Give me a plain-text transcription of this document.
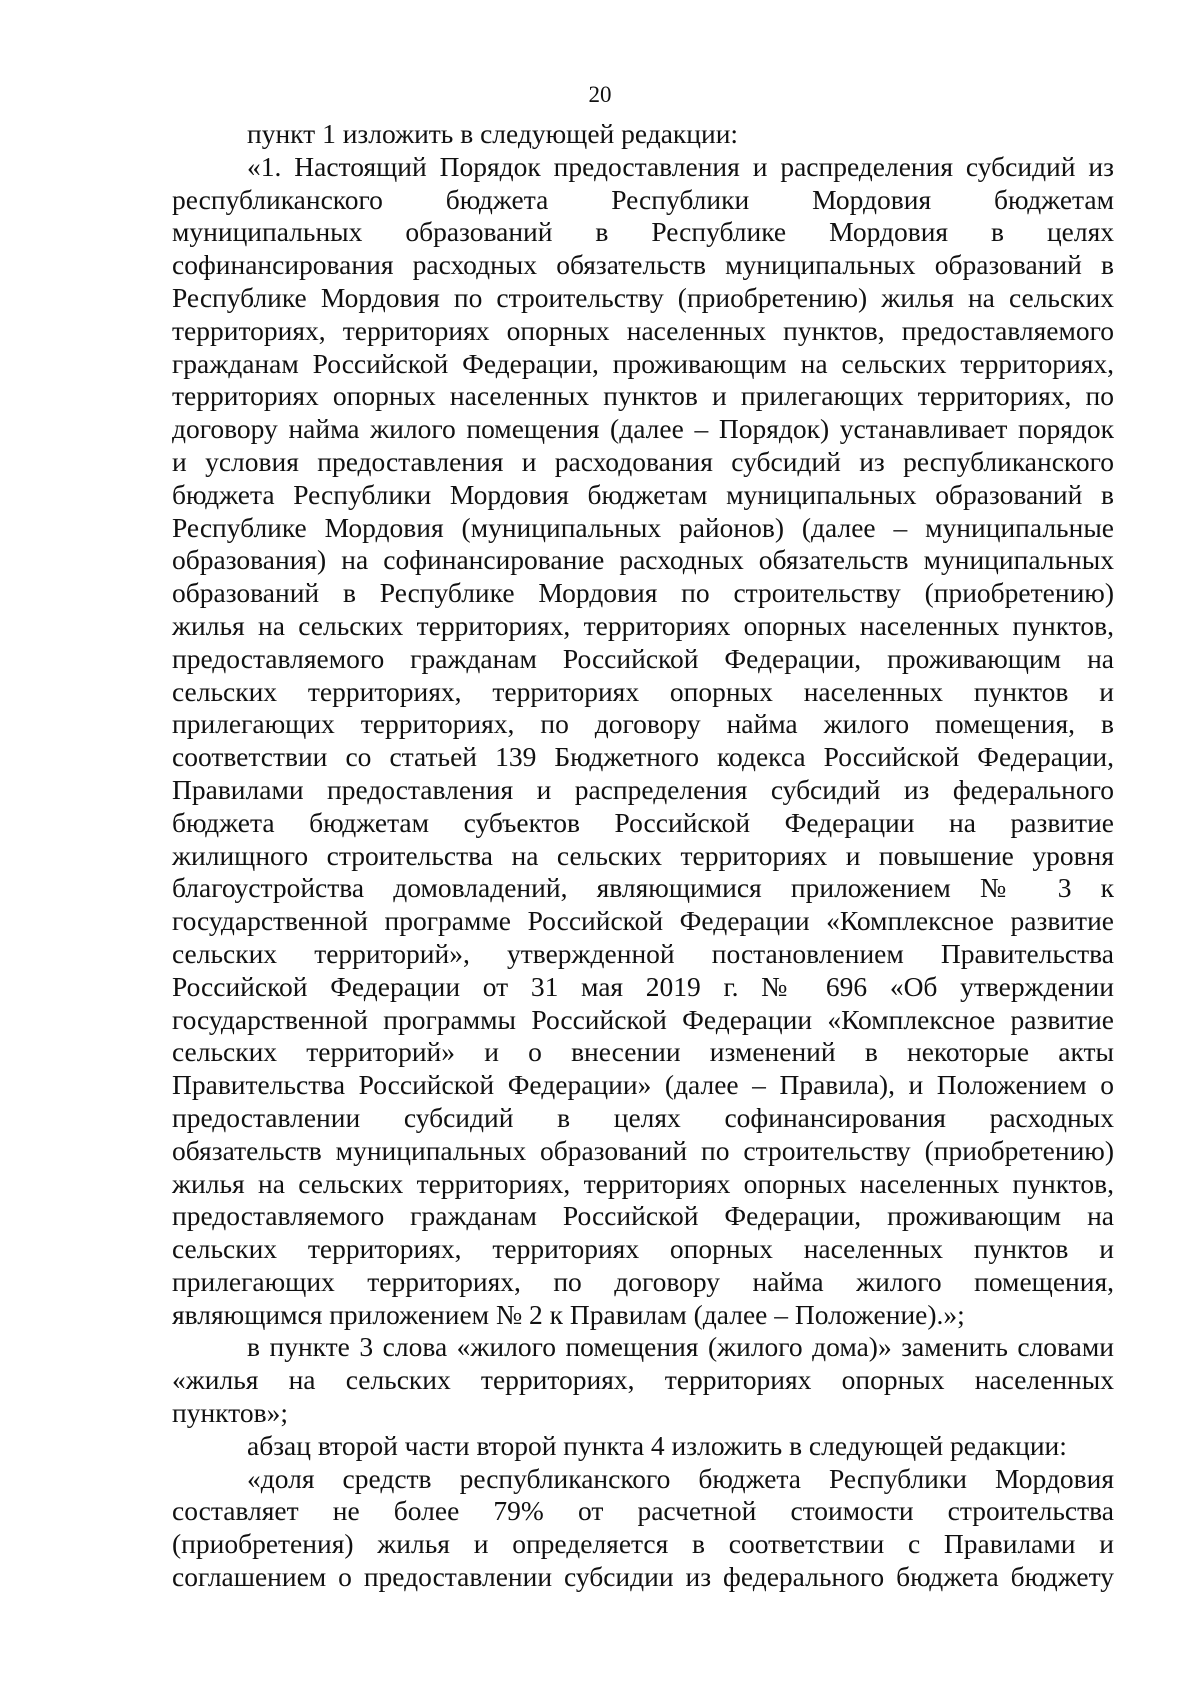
20

пункт 1 изложить в следующей редакции:

«1. Настоящий Порядок предоставления и распределения субсидий из
республиканского бюджета Республики Мордовия бюджетам
муниципальных образований в Республике Мордовия в целях
софинансирования расходных обязательств муниципальных образований в
Республике Мордовия по строительству (приобретению) жилья на сельских
территориях, территориях опорных населенных пунктов, предоставляемого
гражданам Российской Федерации, проживающим на сельских территориях,
территориях опорных населенных пунктов и прилегающих территориях, по
договору найма жилого помещения (далее – Порядок) устанавливает порядок
и условия предоставления и расходования субсидий из республиканского
бюджета Республики Мордовия бюджетам муниципальных образований в
Республике Мордовия (муниципальных районов) (далее – муниципальные
образования) на софинансирование расходных обязательств муниципальных
образований в Республике Мордовия по строительству (приобретению)
жилья на сельских территориях, территориях опорных населенных пунктов,
предоставляемого гражданам Российской Федерации, проживающим на
сельских территориях, территориях опорных населенных пунктов и
прилегающих территориях, по договору найма жилого помещения, в
соответствии со статьей 139 Бюджетного кодекса Российской Федерации,
Правилами предоставления и распределения субсидий из федерального
бюджета бюджетам субъектов Российской Федерации на развитие
жилищного строительства на сельских территориях и повышение уровня
благоустройства домовладений, являющимися приложением № 3 к
государственной программе Российской Федерации «Комплексное развитие
сельских территорий», утвержденной постановлением Правительства
Российской Федерации от 31 мая 2019 г. № 696 «Об утверждении
государственной программы Российской Федерации «Комплексное развитие
сельских территорий» и о внесении изменений в некоторые акты
Правительства Российской Федерации» (далее – Правила), и Положением о
предоставлении субсидий в целях софинансирования расходных
обязательств муниципальных образований по строительству (приобретению)
жилья на сельских территориях, территориях опорных населенных пунктов,
предоставляемого гражданам Российской Федерации, проживающим на
сельских территориях, территориях опорных населенных пунктов и
прилегающих территориях, по договору найма жилого помещения,
являющимся приложением № 2 к Правилам (далее – Положение).»;

в пункте 3 слова «жилого помещения (жилого дома)» заменить словами
«жилья на сельских территориях, территориях опорных населенных
пунктов»;

абзац второй части второй пункта 4 изложить в следующей редакции:

«доля средств республиканского бюджета Республики Мордовия
составляет не более 79% от расчетной стоимости строительства
(приобретения) жилья и определяется в соответствии с Правилами и
соглашением о предоставлении субсидии из федерального бюджета бюджету
